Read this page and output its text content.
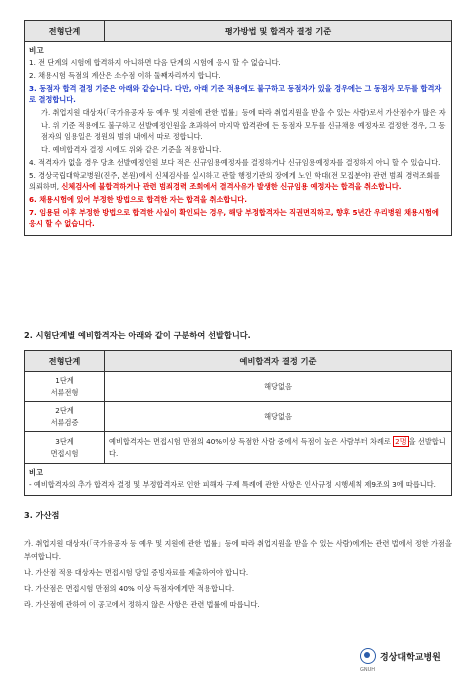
전형단계	평가방법 및 합격자 결정 기준

비고

1. 전 단계의 시험에 합격하지 아니하면 다음 단계의 시험에 응시 할 수 없습니다.

2. 채용시험 득점의 계산은 소수점 이하 둘째자리까지 합니다.

3. 동점자 합격 결정 기준은 아래와 같습니다. 다만, 아래 기준 적용에도 불구하고 동점자가 있을 경우에는 그 동점자 모두를 합격자로 결정합니다.

가. 취업지원 대상자(「국가유공자 등 예우 및 지원에 관한 법률」등에 따라 취업지원을 받을 수 있는 사람)로서 가산점수가 많은 자

나. 위 기준 적용에도 불구하고 선발예정인원을 초과하여 마지막 합격관에 든 동점자 모두를 신규채용 예정자로 결정한 경우, 그 동점자의 임용일은 정원의 범위 내에서 따로 정합니다.

다. 예비합격자 결정 시에도 위와 같은 기준을 적용합니다.

4. 적격자가 없을 경우 당초 선발예정인원 보다 적은 신규임용예정자를 결정하거나 신규임용예정자를 결정하지 아니 할 수 있습니다.

5. 경상국립대학교병원(진주, 본원)에서 신체검사를 실시하고 관할 행정기관의 장에게 노인 학대(전 모집분야) 관련 범죄 경력조회를 의뢰하며, 신체검사에 불합격하거나 관련 범죄경력 조회에서 결격사유가 발생한 신규임용 예정자는 합격을 취소합니다.

6. 채용시험에 있어 부정한 방법으로 합격한 자는 합격을 취소합니다.

7. 임용된 이후 부정한 방법으로 합격한 사실이 확인되는 경우, 해당 부정합격자는 직권면직하고, 향후 5년간 우리병원 채용시험에 응시 할 수 없습니다.

2. 시험단계별 예비합격자는 아래와 같이 구분하여 선발합니다.
전형단계	예비합격자 결정 기준

1단계
서류전형	해당없음

2단계
서류검증	해당없음

3단계
면접시험	예비합격자는 면접시험 만점의 40%이상 득점한 사람 중에서 득점이 높은 사람부터 차례로 2명 을 선발합니다.

비고
- 예비합격자의 추가 합격자 결정 및 부정합격자로 인한 피해자 구제 특례에 관한 사항은 인사규정 시행세칙 제9조의 3에 따릅니다.	
3. 가산점

가. 취업지원 대상자(「국가유공자 등 예우 및 지원에 관한 법률」등에 따라 취업지원을 받을 수 있는 사람)에게는 관련 법에서 정한 가점을 부여합니다.

나. 가산점 적용 대상자는 면접시험 당일 증빙자료를 제출하여야 합니다.

다. 가산점은 면접시험 만점의 40% 이상 득점자에게만 적용합니다.

라. 가산점에 관하여 이 공고에서 정하지 않은 사항은 관련 법률에 따릅니다.

GNUH
경상대학교병원
